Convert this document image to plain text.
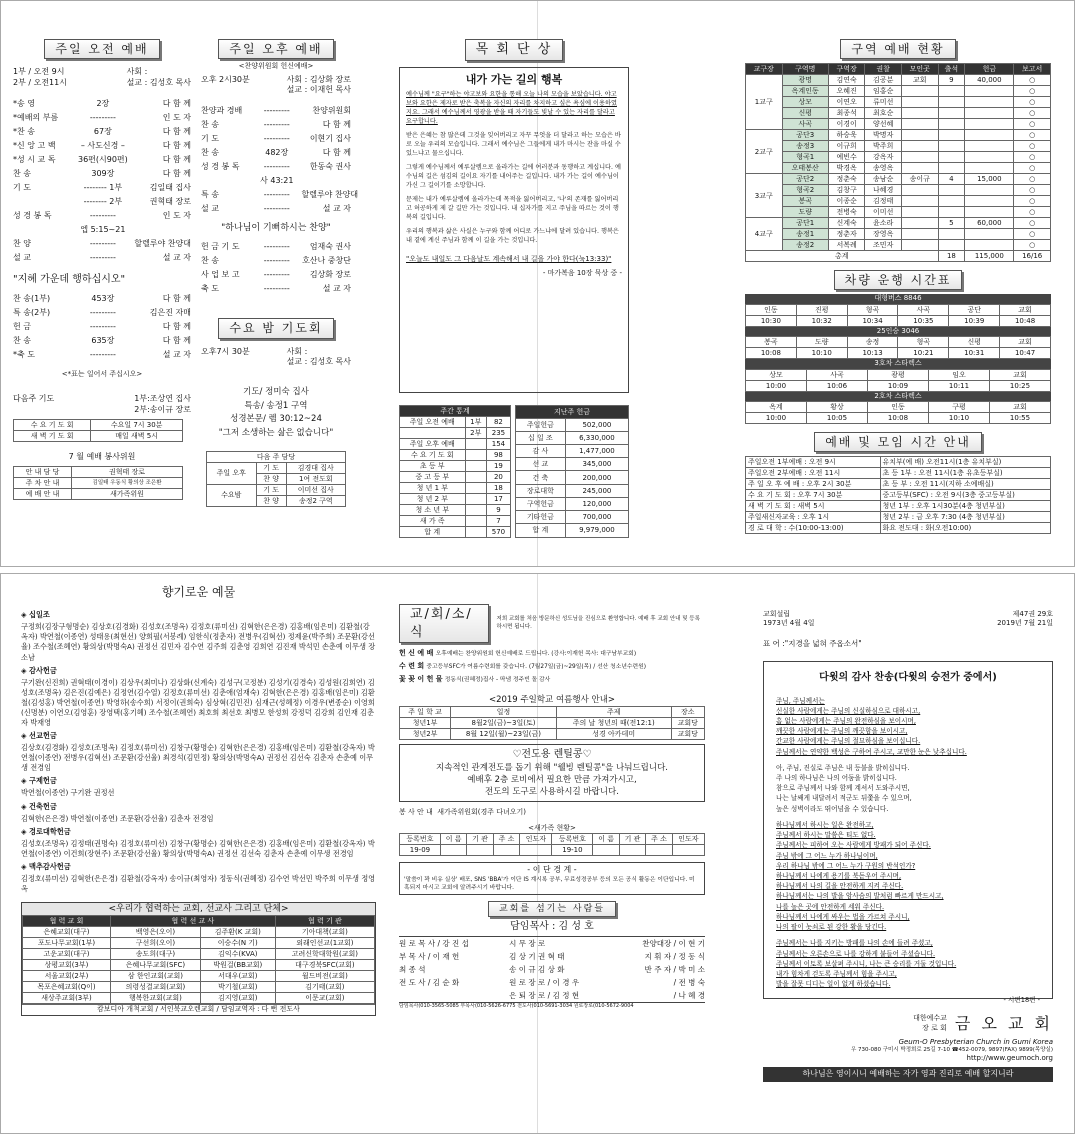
주일 오전 예배
1부 / 오전 9시
2부 / 오전11시
사회 :
설교 : 김성호 목사
*송 영	2장	다 함 께
*예배의 부름	---------	인 도 자
*찬 송	67장	다 함 께
*신 앙 고 백	– 사도신경 –	다 함 께
*성 시 교 독	36편(시90편)	다 함 께
찬 송	309장	다 함 께
기 도	-------- 1부	김일태 집사
-------- 2부	권혁태 장로
성 경 봉 독	---------	인 도 자
엡 5:15~21
찬 양	---------	할렐루야 찬양대
설 교	---------	설 교 자
"지혜 가운데 행하십시오"
찬 송(1부)	453장	다 함 께
특 송(2부)	---------	김은진 자매
헌 금	---------	다 함 께
찬 송	635장	다 함 께
*축 도	---------	설 교 자
<*표는 일어서 주십시오>
다음주 기도	1부:조상연 집사
2부:송이규 장로
수 요 기 도 회	수요일 7시 30분
새 벽 기 도 회	매일 새벽 5시
7 월 예배 봉사위원
안 내 담 당	권혁태 장로
주 차 안 내	김일태 우동식 황의상 조은환
예 배 안 내	새가족위원
주일 오후 예배
<찬양위원회 헌신예배>
오후 2시30분	사회 : 김상화 장로
설교 : 이재헌 목사
찬양과 경배	---------	찬양위원회
찬 송	---------	다 함 께
기 도	---------	이현기 집사
찬 송	482장	다 함 께
성 경 봉 독	---------	한동숙 권사
사 43:21
특 송	---------	할렐루야 찬양대
설 교	---------	설 교 자
"하나님이 기뻐하시는 찬양"
헌 금 기 도	---------	엄재숙 권사
찬 송	---------	호산나 중창단
사 업 보 고	---------	김상화 장로
축 도	---------	설 교 자
수요 밤 기도회
오후7시 30분	사회 :
설교 : 김성호 목사
기도/ 정미숙 집사
특송/ 송정1 구역
성경본문/ 렘 30:12~24
"그저 소생하는 삶은 없습니다"
다음 주 담당		
주일 오후	기 도	김경대 집사
	찬 양	1여 전도회
수요밤	기 도	이미선 집사
	찬 양	송정2 구역
목 회 단 상
내가 가는 길의 행복

예수님께 "요구"하는 야고보와 요한을 통해 오늘 나의 모습을 보았습니다. 야고보와 요한은 제자로 받은 축복을 자신의 자리를 차지하고 싶은 욕심에 이용하였지요. 그래서 예수님께서 영광을 받을 때 자기들도 빛날 수 있는 자리를 달라고 요구합니다.

받은 은혜는 참 많은데 그것을 잊어버리고 자꾸 무엇을 더 달라고 하는 모습은 바로 오늘 우리의 모습입니다. 그래서 예수님은 그들에게 내가 마시는 잔을 마실 수 있느냐고 물으십니다.

그렇게 예수님께서 예루살렘으로 올라가는 길에 여러분과 동행하고 계십니다. 예수님의 길은 섬김의 길이요 자기를 내어주는 길입니다. 내가 가는 길이 예수님이 가신 그 길이기를 소망합니다.

문제는 내가 예루살렘에 올라가는데 목적을 잃어버리고, '나'의 존재를 잃어버리고 허공하게 제 갈 길만 가는 것입니다. 내 십자가를 지고 주님을 따르는 것이 행복의 길입니다.

우리의 행복과 삶은 사실은 누구와 함께 어디로 가느냐에 달려 있습니다. 행복은 내 곁에 계신 주님과 함께 이 길을 가는 것입니다.

"오늘도 내일도 그 다음날도 계속해서 내 길을 가야 한다(눅13:33)"

- 마가복음 10장 묵상 중 -

주간 통계		
주일 오전 예배	1부	82
	2부	235
주일 오후 예배		154
수 요 기 도 회		98
초 등 부		19
중 고 등 부		20
청 년 1 부		18
청 년 2 부		17
청 소 년 부		9
새 가 족		7
합 계		570
지난주 헌금	
주일헌금	502,000
십 일 조	6,330,000
감 사	1,477,000
선 교	345,000
건 축	200,000
장로대학	245,000
구역헌금	120,000
기타헌금	700,000
합 계	9,979,000
구역 예배 현황
교구장	구역명	구역장	권찰	모인곳	출석	헌금	보고서
1교구	광명	김연숙	김공분	교회	9	40,000	○
	옥계인동	오혜진	임홍순				○
	상모	이연오	류미선				○
	신평	최종석	최호순				○
	사곡	이경이	양선혜				○
2교구	공단3	하승욱	박명자				○
	송정3	이규희	박주희				○
	형곡1	예빈수	강옥자				○
	오태봉산	박경옥	송영옥				○
3교구	공단2	정춘숙	송남순	송이규	4	15,000	○
	형곡2	김창구	나혜경				○
	봉곡	이종순	김정태				○
	도량	전병숙	이미선				○
4교구	공단1	신계숙	윤소라		5	60,000	○
	송정1	정춘자	장영옥				○
	송정2	서복례	조민자				○
총계					18	115,000	16/16
차량 운행 시간표
대형버스 8846
인동	진평	형곡	사곡	공단	교회
10:30	10:32	10:34	10:35	10:39	10:48
25인승 3046
봉곡	도량	송정	형곡	신평	교회
10:08	10:10	10:13	10:21	10:31	10:47
3호차 스타렉스
상모	사곡	광평	임오	교회
10:00	10:06	10:09	10:11	10:25
2호차 스타렉스
옥계	황상	인동	구평	교회
10:00	10:05	10:08	10:10	10:55
예배 및 모임 시간 안내
주일오전 1부예배 : 오전 9시	유치부(예 배) 오전11시(1층 유치부실)
주일오전 2부예배 : 오전 11시	초 등 1부 : 오전 11시(1층 유초등부실)
주 일 오 후 예 배 : 오후 2시 30분	초 등 부 : 오전 11시(지하 소예배실)
수 요 기 도 회 : 오후 7시 30분	중고등부(SFC) : 오전 9시(3층 중고등부실)
새 벽 기 도 회 : 새벽 5시	청년 1부 : 오후 1시30분(4층 청년부실)
주일새신자교육 : 오후 1시	청년 2부 : 금 오후 7:30 (4층 청년부실)
경 로 대 학 : 수(10:00-13:00)	화요 전도대 : 화(오전10:00)
향기로운 예물

◈ 십일조

구정희(김장구형명순) 김상호(김경화) 김성호(조명옥) 김정호(류미선) 김혁한(은은경) 김홍배(임은미) 김환철(강옥자) 박연철(이종연) 성태용(최현선) 양희필(서봉례) 임한식(정춘자) 전병우(김혁선) 정제윤(박주희) 조문환(강선율) 조수철(조혜연) 황의상(박명숙A) 권정선 김민자 김수연 김주희 김춘영 김희연 김진재 박석민 손춘예 이무생 장소남

◈ 감사헌금

구기완(신진희) 권혁태(이경이) 김상우(최미나) 김상화(신계숙) 김성구(고정분) 김성기(김경숙) 김성원(김희연) 김성호(조명옥) 김은진(김예은) 김정연(김수열) 김정호(류미선) 김춘애(엄재숙) 김혁한(은은경) 김홍배(임은미) 김환철(김성홍) 박연철(이종연) 박영하(송수희) 서정이(권희숙) 심상혁(김민진) 심재근(성혜정) 이경우(변종순) 이영희(신명분) 이연오(김영훈) 장영택(홍기혜) 조수철(조혜연) 최호희 최선호 최병모 한성희 강정덕 김강희 김인재 김춘자 박재영

◈ 선교헌금

김상호(김경화) 김성호(조명옥) 김정호(류미선) 김창구(황명순) 김혁한(은은경) 김홍배(임은미) 김환철(강옥자) 박연철(이종연) 전병우(김혁선) 조문환(강선율) 최경석(김민정) 황의상(박명숙A) 권정선 김선숙 김춘자 손춘예 이무생 전경임

◈ 구제헌금

박연철(이종연) 구기완 권정선

◈ 건축헌금

김혁한(은은경) 박연철(이종연) 조문환(강선율) 김춘자 전경임

◈ 경로대학헌금

김성호(조명옥) 김정태(권명숙) 김정호(류미선) 김창구(황명순) 김혁한(은은경) 김홍배(임은미) 김환철(강옥자) 박연철(이종연) 이건희(장현주) 조문환(강선율) 황의상(박명숙A) 권정선 김선숙 김춘자 손춘예 이무생 전경임

◈ 맥추감사헌금

김정호(류미선) 김혁한(은은경) 김환철(강옥자) 송이규(최영자) 정동식(권혜정) 김수연 박선민 박주희 이무생 정영옥

<우리가 협력하는 교회, 선교사 그리고 단체>
협 력 교 회	협 력 선 교 사		협 력 기 관
은혜교회(대구)	백영은(오이)	김주환(K 교회)	기아대책(교회)
포도나무교회(1부)	구선희(오이)	이승수(N 기)	외래인선교(1교회)
고운교회(대구)	송도희(대구)	김익수(KVA)	고려신학대학원(교회)
상평교회(3부)	은혜나무교회(SFC)	박원걸(BB교회)	대구경북SFC(교회)
서울교회(2부)	삼 한인교회(교회)	서대우(교회)	월드비전(교회)
목포은혜교회(Q이)	의령성결교회(교회)	박기철(교회)	김기태(교회)
새상주교회(3부)	행복한교회(교회)	김지영(교회)	이문교(교회)
캄보디아 개척교회 / 서인북교오렌교회 / 담임교역자 : 다 뻔 전도사
교/회/소/식
저희 교회를 처음 방문하신 성도님을 진심으로 환영합니다. 예배 후 교회 안내 및 등록하시면 됩니다.
헌 신 예 배 오후예배는 찬양위원회 헌신예배로 드립니다. (강사:이재헌 목사: 대구남부교회)
수 련 회 중고등부SFC가 여름수련회를 갖습니다. (7월27일(금)~29일(목) / 선산 청소년수련원)
꽃 꽂 이 헌 물 정동식(권혜정)집사 - 딱냄 정주빈 돌 감사
<2019 주일학교 여름행사 안내>
주 일 학 교	일정	주제	장소
청년1부	8월2일(금)~3일(토)	주의 날 청년의 때(전12:1)	교회당
청년2부	8월 12일(월)~23일(금)	성경 아카데미	교회당
♡전도용 렌틸콩♡
지속적인 관계전도를 돕기 위해 "웰빙 렌틸콩"을 나눠드립니다.
예배후 2층 로비에서 필요한 만큼 가져가시고,
전도의 도구로 사용하시길 바랍니다.
봉 사 안 내 새가족위원회(경주 다녀오기)
<새가족 현황>
등록번호	이 름	기 관	주 소	인도자	등록번호	이 름	기 관	주 소	인도자
19-09					19-10				
- 이 단 경 계 -
'말씀이 꽉 비유 실상' 배포, SNS 'BBA'가 이단 IS 계시록 공부, 무료성경공부 등의 모든 공식 활동은 이단입니다. 미혹되지 마시고 교회에 알려주시기 바랍니다.
교회를 섬기는 사람들
담임목사 : 김 성 호
원 로 목 사 / 강 진 섭	시 무 장 로	찬양대장 / 이 현 기
부 목 사 / 이 재 헌	김 상 기 권 혁 태	지 휘 자 / 정 동 식
최 종 석	송 이 규 김 상 화	반 주 자 / 박 미 소
전 도 사 / 김 순 화	원 로 장 로 / 이 경 우	/ 전 병 숙
은 퇴 장 로 / 김 정 현	/ 나 혜 경
담임목사(010-3565-5085 부목사(010-5626-6775 전도사(010-5691-3034 원로장로(010-5672-9004
교회설립
1973년 4월 4일
제47권 29호
2019년 7월 21일
표 어 :"지경을 넓혀 주옵소서"
다윗의 감사 찬송(다윗의 승전가 중에서)

주님, 주님께서는
신실한 사람에게는 주님의 신실하심으로 대하시고,
흠 없는 사람에게는 주님의 완전하심을 보이시며,
깨끗한 사람에게는 주님의 깨끗함을 보이시고,
간교한 사람에게는 주님의 절묘하심을 보이십니다.
주님께서는 연약한 백성은 구하여 주시고, 교만한 눈은 낮추십니다.

아, 주님, 진실로 주님은 내 등불을 밝히십니다.
주 나의 하나님은 나의 어둠을 밝히십니다.
참으로 주님께서 나와 함께 계셔서 도와주시면,
나는 날쌔게 내달려서 적군도 뒤쫓을 수 있으며,
높은 성벽이라도 뛰어넘을 수 있습니다.

하나님께서 하시는 일은 완전하고,
주님께서 하시는 말씀은 티도 없다.
주님께서는 피하여 오는 사람에게 방패가 되어 주신다.
주님 밖에 그 어느 누가 하나님이며,
우리 하나님 밖에 그 어느 누가 구원의 반석인가?
하나님께서 나에게 용기를 북돋우어 주시며,
하나님께서 나의 길을 안전하게 지켜 주신다.
하나님께서는 나의 발을 암사슴의 발처럼 빠르게 만드시고,
나를 높은 곳에 안전하게 세워 주신다.
하나님께서 나에게 싸우는 법을 가르쳐 주시니,
나의 팔이 놋쇠로 된 강한 활을 당긴다.

주님께서는 나를 지키는 방패를 나의 손에 들려 주셨고,
주님께서는 오른손으로 나를 강하게 붙들어 주셨습니다.
주님께서 이토록 보살펴 주시니, 나는 큰 승리를 거둘 것입니다.
내가 힘차게 걷도록 주님께서 힘을 주시고,
발을 잘못 디디는 일이 없게 하셨습니다.

- 시편18편 -
대한예수교
장 로 회 금 오 교 회
Geum-O Presbyterian Church in Gumi Korea
우 730-080 구미시 박정희로 25길 7-10 ☎452-0079, 9897(FAX) 9899(목양실)
http://www.geumoch.org
하나님은 영이시니 예배하는 자가 영과 진리로 예배 할지니라
